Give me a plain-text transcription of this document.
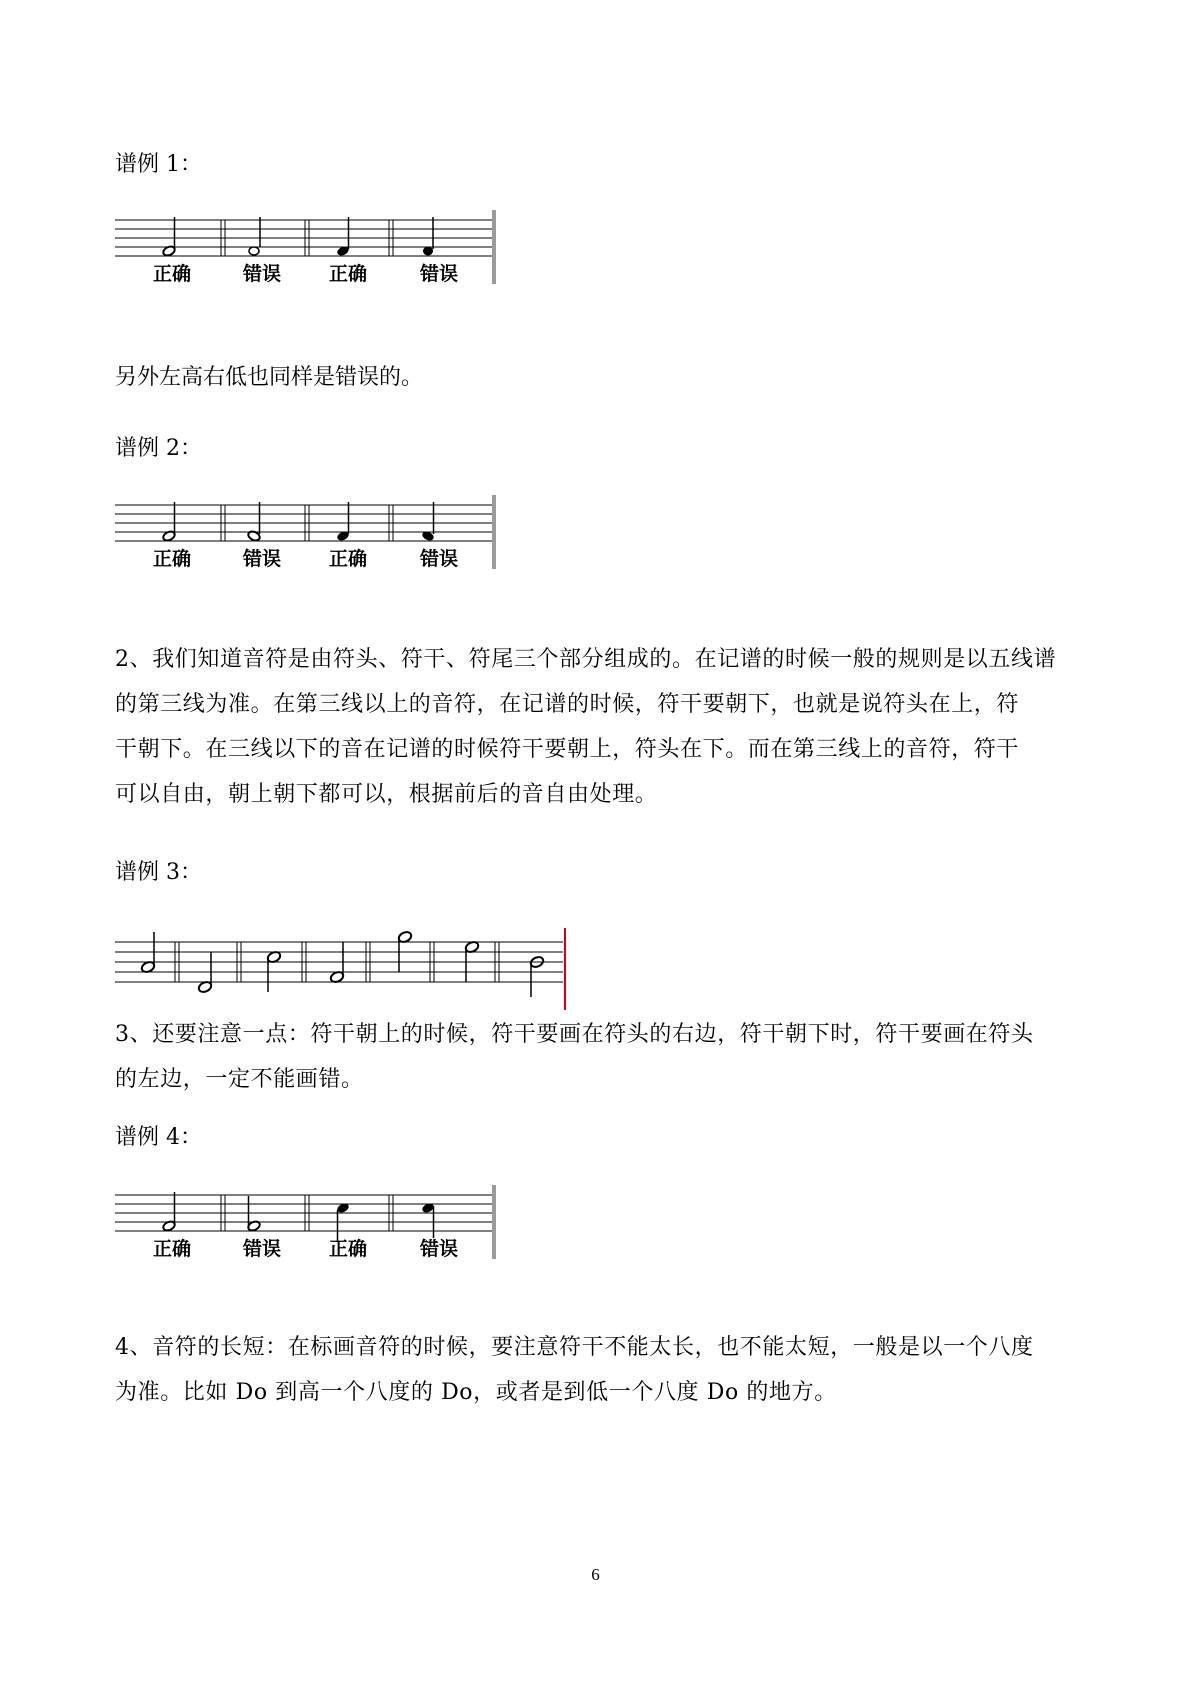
谱例 1：
正确	错误	正确	错误
另外左高右低也同样是错误的。
谱例 2：
正确	错误	正确	错误
2、我们知道音符是由符头、符干、符尾三个部分组成的。在记谱的时候一般的规则是以五线谱
的第三线为准。在第三线以上的音符，在记谱的时候，符干要朝下，也就是说符头在上，符
干朝下。在三线以下的音在记谱的时候符干要朝上，符头在下。而在第三线上的音符，符干
可以自由，朝上朝下都可以，根据前后的音自由处理。
谱例 3：
3、还要注意一点：符干朝上的时候，符干要画在符头的右边，符干朝下时，符干要画在符头
的左边，一定不能画错。
谱例 4：
正确	错误	正确	错误
4、音符的长短：在标画音符的时候，要注意符干不能太长，也不能太短，一般是以一个八度
为准。比如 Do 到高一个八度的 Do，或者是到低一个八度 Do 的地方。
6
